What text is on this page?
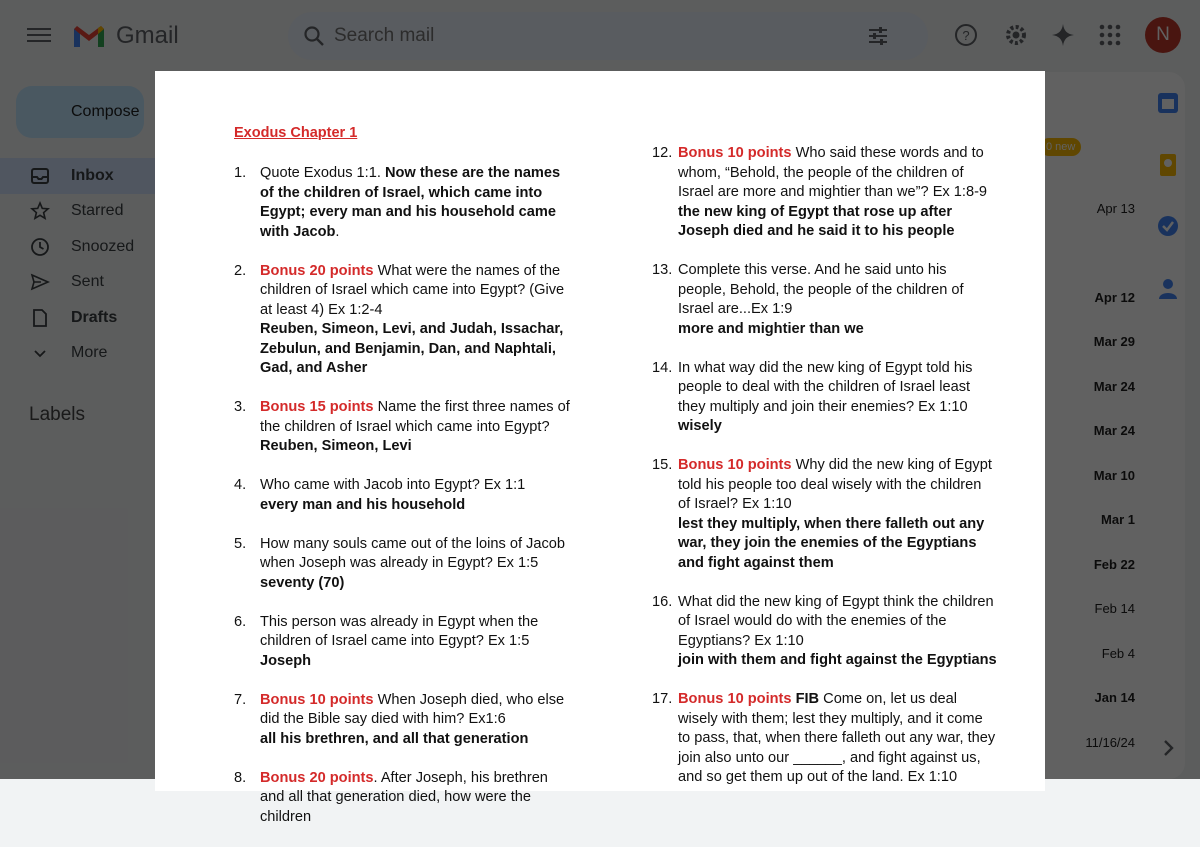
Search mail
Exodus Chapter 1
1. Quote Exodus 1:1. Now these are the names of the children of Israel, which came into Egypt; every man and his household came with Jacob.
2. Bonus 20 points What were the names of the children of Israel which came into Egypt? (Give at least 4) Ex 1:2-4
Reuben, Simeon, Levi, and Judah, Issachar, Zebulun, and Benjamin, Dan, and Naphtali, Gad, and Asher
3. Bonus 15 points Name the first three names of the children of Israel which came into Egypt?
Reuben, Simeon, Levi
4. Who came with Jacob into Egypt? Ex 1:1
every man and his household
5. How many souls came out of the loins of Jacob when Joseph was already in Egypt? Ex 1:5
seventy (70)
6. This person was already in Egypt when the children of Israel came into Egypt? Ex 1:5
Joseph
7. Bonus 10 points When Joseph died, who else did the Bible say died with him? Ex1:6
all his brethren, and all that generation
8. Bonus 20 points. After Joseph, his brethren and all that generation died, how were the children
12. Bonus 10 points Who said these words and to whom, “Behold, the people of the children of Israel are more and mightier than we”? Ex 1:8-9
the new king of Egypt that rose up after Joseph died and he said it to his people
13. Complete this verse. And he said unto his people, Behold, the people of the children of Israel are...Ex 1:9
more and mightier than we
14. In what way did the new king of Egypt told his people to deal with the children of Israel least they multiply and join their enemies? Ex 1:10
wisely
15. Bonus 10 points Why did the new king of Egypt told his people too deal wisely with the children of Israel? Ex 1:10
lest they multiply, when there falleth out any war, they join the enemies of the Egyptians and fight against them
16. What did the new king of Egypt think the children of Israel would do with the enemies of the Egyptians? Ex 1:10
join with them and fight against the Egyptians
17. Bonus 10 points FIB Come on, let us deal wisely with them; lest they multiply, and it come to pass, that, when there falleth out any war, they join also unto our ______, and fight against us, and so get them up out of the land. Ex 1:10
